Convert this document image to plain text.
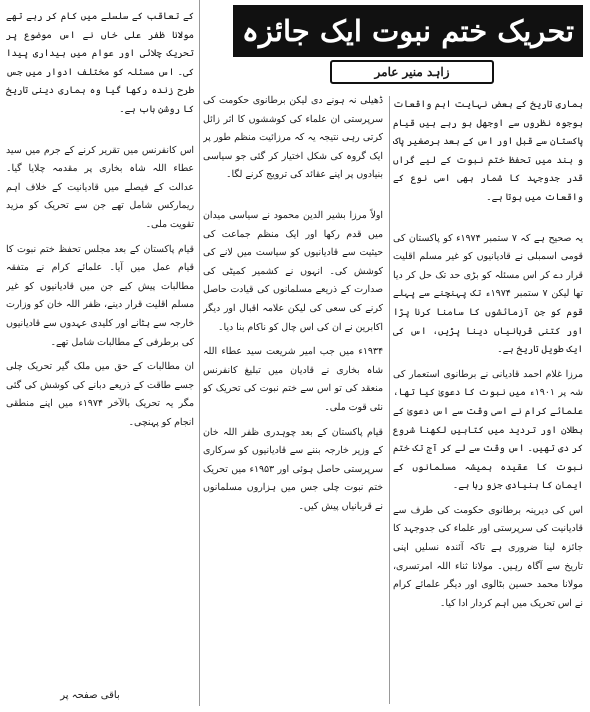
تحریک ختم نبوت ایک جائزہ
زاہد منیر عامر

ہماری تاریخ کے بعض نہایت اہم واقعات بوجوہ نظروں سے اوجھل ہو رہے ہیں قیام پاکستان سے قبل اور اس کے بعد برصغیر پاک و ہند میں تحفظ ختم نبوت کے لیے گراں قدر جدوجہد کا شمار بھی اسی نوع کے واقعات میں ہوتا ہے۔

یہ صحیح ہے کہ ۷ ستمبر ۱۹۷۴ء کو پاکستان کی قومی اسمبلی نے قادیانیوں کو غیر مسلم اقلیت قرار دے کر اس مسئلہ کو بڑی حد تک حل کر دیا تھا لیکن ۷ ستمبر ۱۹۷۴ء تک پہنچنے سے پہلے قوم کو جن آزمائشوں کا سامنا کرنا پڑا اور کتنی قربانیاں دینا پڑیں، اس کی ایک طویل تاریخ ہے۔

مرزا غلام احمد قادیانی نے برطانوی استعمار کی شہ پر ۱۹۰۱ء میں نبوت کا دعویٰ کیا تھا، علمائے کرام نے اسی وقت سے اس دعویٰ کے بطلان اور تردید میں کتابیں لکھنا شروع کر دی تھیں۔ اس وقت سے لے کر آج تک ختم نبوت کا عقیدہ ہمیشہ مسلمانوں کے ایمان کا بنیادی جزو رہا ہے۔

اس کی دیرینہ برطانوی حکومت کی طرف سے قادیانیت کی سرپرستی اور علماء کی جدوجہد کا جائزہ لینا ضروری ہے تاکہ آئندہ نسلیں اپنی تاریخ سے آگاہ رہیں۔ مولانا ثناء اللہ امرتسری، مولانا محمد حسین بٹالوی اور دیگر علمائے کرام نے اس تحریک میں اہم کردار ادا کیا۔

ڈھیلی نہ ہونے دی لیکن برطانوی حکومت کی سرپرستی ان علماء کی کوششوں کا اثر زائل کرتی رہی نتیجہ یہ کہ مرزائیت منظم طور پر ایک گروہ کی شکل اختیار کر گئی جو سیاسی بنیادوں پر اپنے عقائد کی ترویج کرنے لگا۔

اولاً مرزا بشیر الدین محمود نے سیاسی میدان میں قدم رکھا اور ایک منظم جماعت کی حیثیت سے قادیانیوں کو سیاست میں لانے کی کوشش کی۔ انہوں نے کشمیر کمیٹی کی صدارت کے ذریعے مسلمانوں کی قیادت حاصل کرنے کی سعی کی لیکن علامہ اقبال اور دیگر اکابرین نے ان کی اس چال کو ناکام بنا دیا۔

۱۹۳۴ء میں جب امیر شریعت سید عطاء اللہ شاہ بخاری نے قادیان میں تبلیغ کانفرنس منعقد کی تو اس سے ختم نبوت کی تحریک کو نئی قوت ملی۔

قیام پاکستان کے بعد چوہدری ظفر اللہ خان کے وزیر خارجہ بننے سے قادیانیوں کو سرکاری سرپرستی حاصل ہوئی اور ۱۹۵۳ء میں تحریک ختم نبوت چلی جس میں ہزاروں مسلمانوں نے قربانیاں پیش کیں۔

کے تعاقب کے سلسلے میں کام کر رہے تھے مولانا ظفر علی خاں نے اس موضوع پر تحریک چلائی اور عوام میں بیداری پیدا کی۔ اس مسئلہ کو مختلف ادوار میں جس طرح زندہ رکھا گیا وہ ہماری دینی تاریخ کا روشن باب ہے۔

اس کانفرنس میں تقریر کرنے کے جرم میں سید عطاء اللہ شاہ بخاری پر مقدمہ چلایا گیا۔ عدالت کے فیصلے میں قادیانیت کے خلاف اہم ریمارکس شامل تھے جن سے تحریک کو مزید تقویت ملی۔

قیام پاکستان کے بعد مجلس تحفظ ختم نبوت کا قیام عمل میں آیا۔ علمائے کرام نے متفقہ مطالبات پیش کیے جن میں قادیانیوں کو غیر مسلم اقلیت قرار دینے، ظفر اللہ خان کو وزارت خارجہ سے ہٹانے اور کلیدی عہدوں سے قادیانیوں کی برطرفی کے مطالبات شامل تھے۔

ان مطالبات کے حق میں ملک گیر تحریک چلی جسے طاقت کے ذریعے دبانے کی کوشش کی گئی مگر یہ تحریک بالآخر ۱۹۷۴ء میں اپنے منطقی انجام کو پہنچی۔

باقی صفحہ پر
